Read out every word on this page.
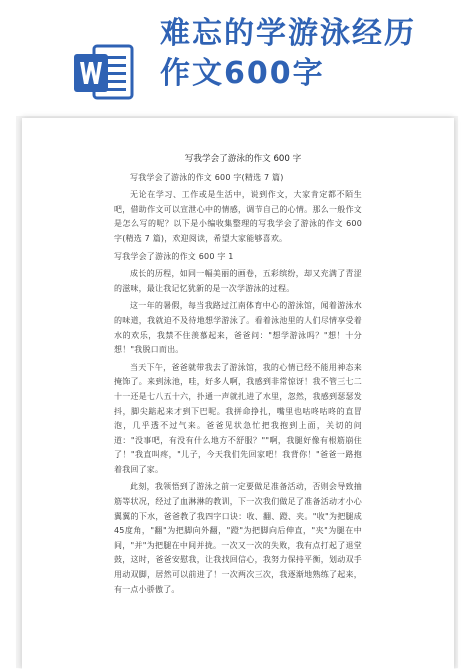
难忘的学游泳经历
作文600字
写我学会了游泳的作文 600 字

写我学会了游泳的作文 600 字(精选 7 篇)

无论在学习、工作或是生活中，说到作文，大家肯定都不陌生吧，借助作文可以宣泄心中的情感，调节自己的心情。那么一般作文是怎么写的呢？以下是小编收集整理的写我学会了游泳的作文 600 字(精选 7 篇)，欢迎阅读，希望大家能够喜欢。

写我学会了游泳的作文 600 字 1

成长的历程，如同一幅美丽的画卷，五彩缤纷，却又充满了青涩的滋味，最让我记忆犹新的是一次学游泳的过程。

这一年的暑假，每当我路过江南体育中心的游泳馆，闻着游泳水的味道，我就迫不及待地想学游泳了。看着泳池里的人们尽情享受着水的欢乐，我禁不住羡慕起来，爸爸问："想学游泳吗？"想！十分想！"我脱口而出。

当天下午，爸爸就带我去了游泳馆，我的心情已经不能用神态来掩饰了。来到泳池，哇，好多人啊，我感到非常惊讶！我不管三七二十一还是七八五十六，扑通一声就扎进了水里，忽然，我感到瑟瑟发抖，脚尖踮起来才到下巴呢。我拼命挣扎，嘴里也咕咚咕咚的直冒泡，几乎透不过气来。爸爸见状急忙把我抱到上面，关切的问道："没事吧，有没有什么地方不舒服？""啊，我腿好像有根筋崩住了！"我直叫疼，"儿子，今天我们先回家吧！我背你！"爸爸一路抱着我回了家。

此刻，我领悟到了游泳之前一定要做足准备活动，否则会导致抽筋等状况，经过了血淋淋的教训，下一次我们做足了准备活动才小心翼翼的下水，爸爸教了我四字口诀：收、翻、蹬、夹。"收"为把腿成45度角，"翻"为把脚向外翻，"蹬"为把脚向后伸直，"夹"为腿在中间，"并"为把腿在中间并拢。一次又一次的失败，我有点打起了退堂鼓，这时，爸爸安慰我，让我找回信心，我努力保持平衡，划动双手用动双脚，居然可以前进了！一次两次三次，我逐渐地熟练了起来，有一点小骄傲了。
